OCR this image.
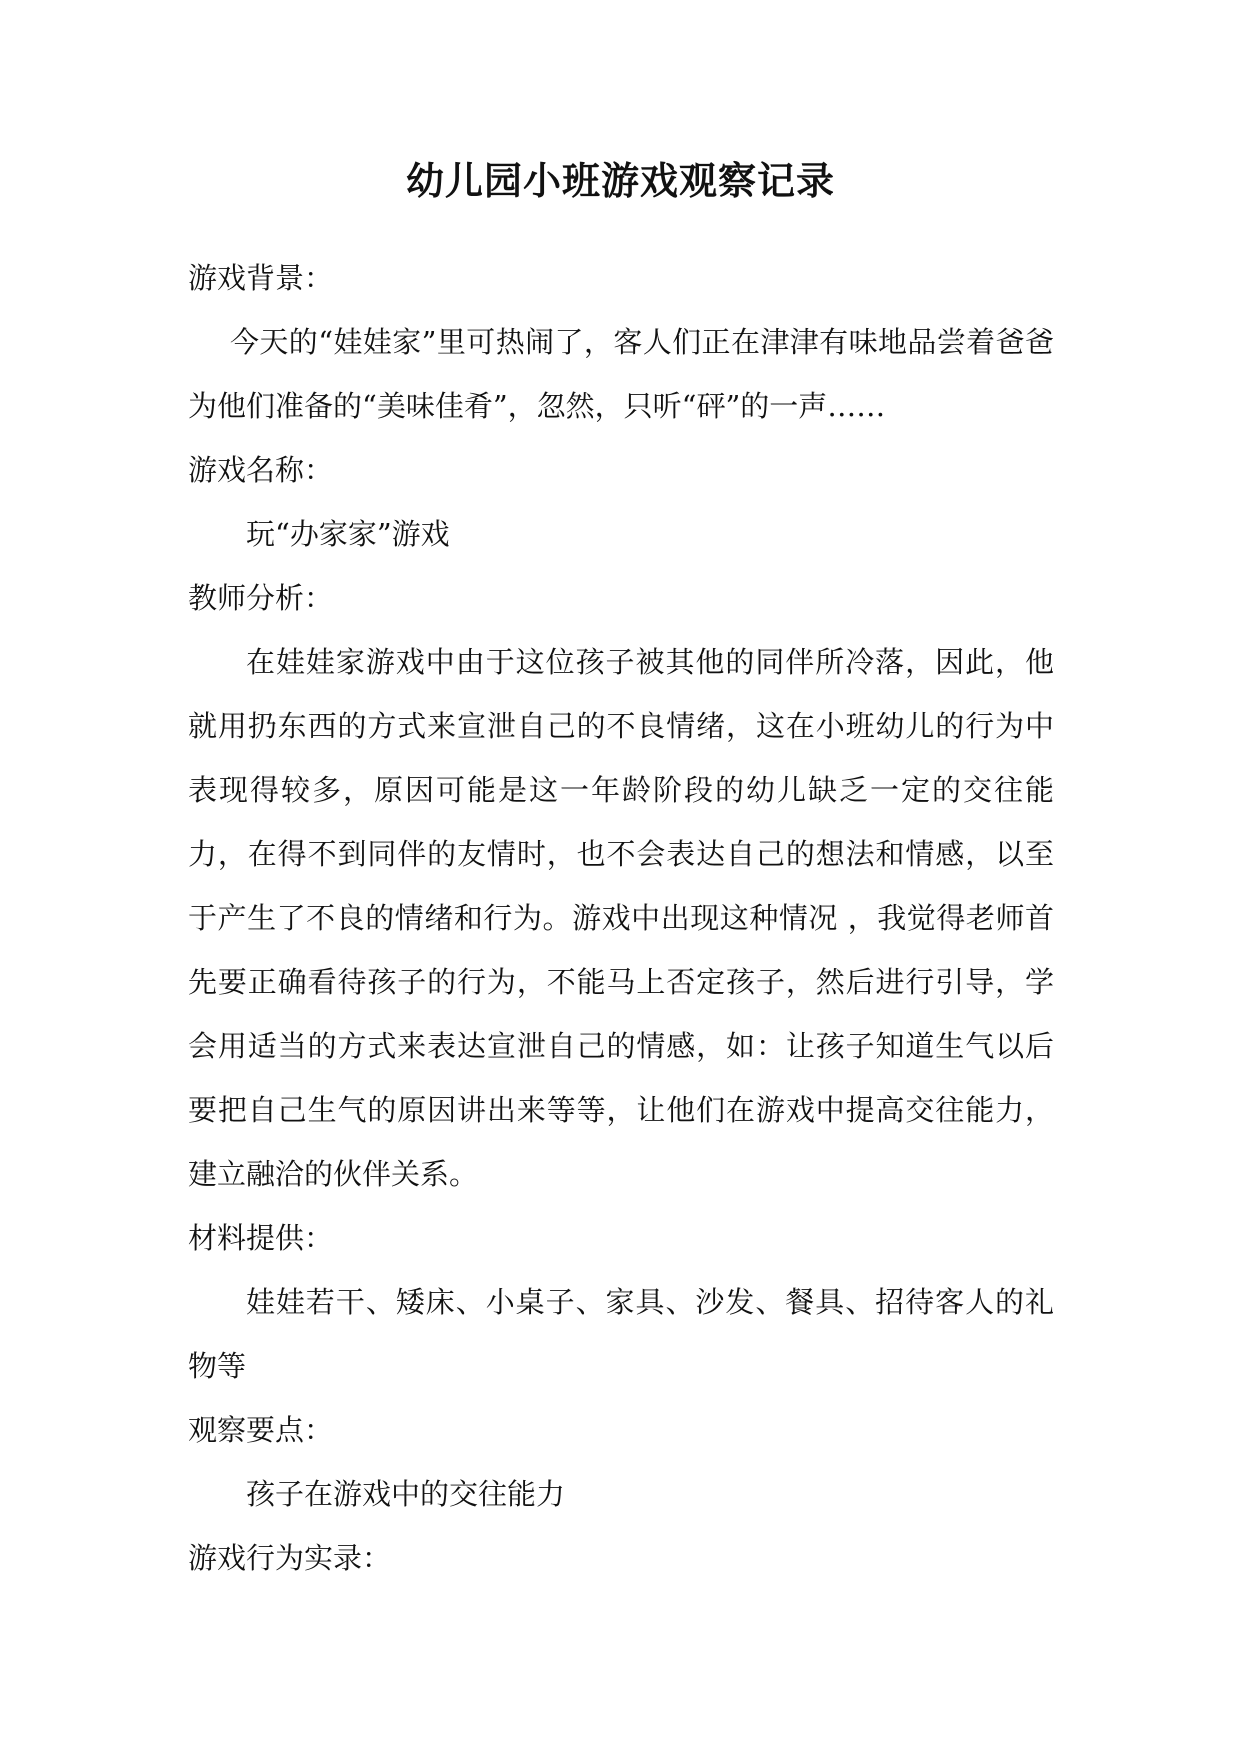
幼儿园小班游戏观察记录

游戏背景：

今天的“娃娃家”里可热闹了，客人们正在津津有味地品尝着爸爸为他们准备的“美味佳肴”，忽然，只听“砰”的一声……

游戏名称：

玩“办家家”游戏

教师分析：

在娃娃家游戏中由于这位孩子被其他的同伴所冷落，因此，他就用扔东西的方式来宣泄自己的不良情绪，这在小班幼儿的行为中表现得较多，原因可能是这一年龄阶段的幼儿缺乏一定的交往能力，在得不到同伴的友情时，也不会表达自己的想法和情感，以至于产生了不良的情绪和行为。游戏中出现这种情况 ，我觉得老师首先要正确看待孩子的行为，不能马上否定孩子，然后进行引导，学会用适当的方式来表达宣泄自己的情感，如：让孩子知道生气以后要把自己生气的原因讲出来等等，让他们在游戏中提高交往能力，建立融洽的伙伴关系。

材料提供：

娃娃若干、矮床、小桌子、家具、沙发、餐具、招待客人的礼物等

观察要点：

孩子在游戏中的交往能力

游戏行为实录：
